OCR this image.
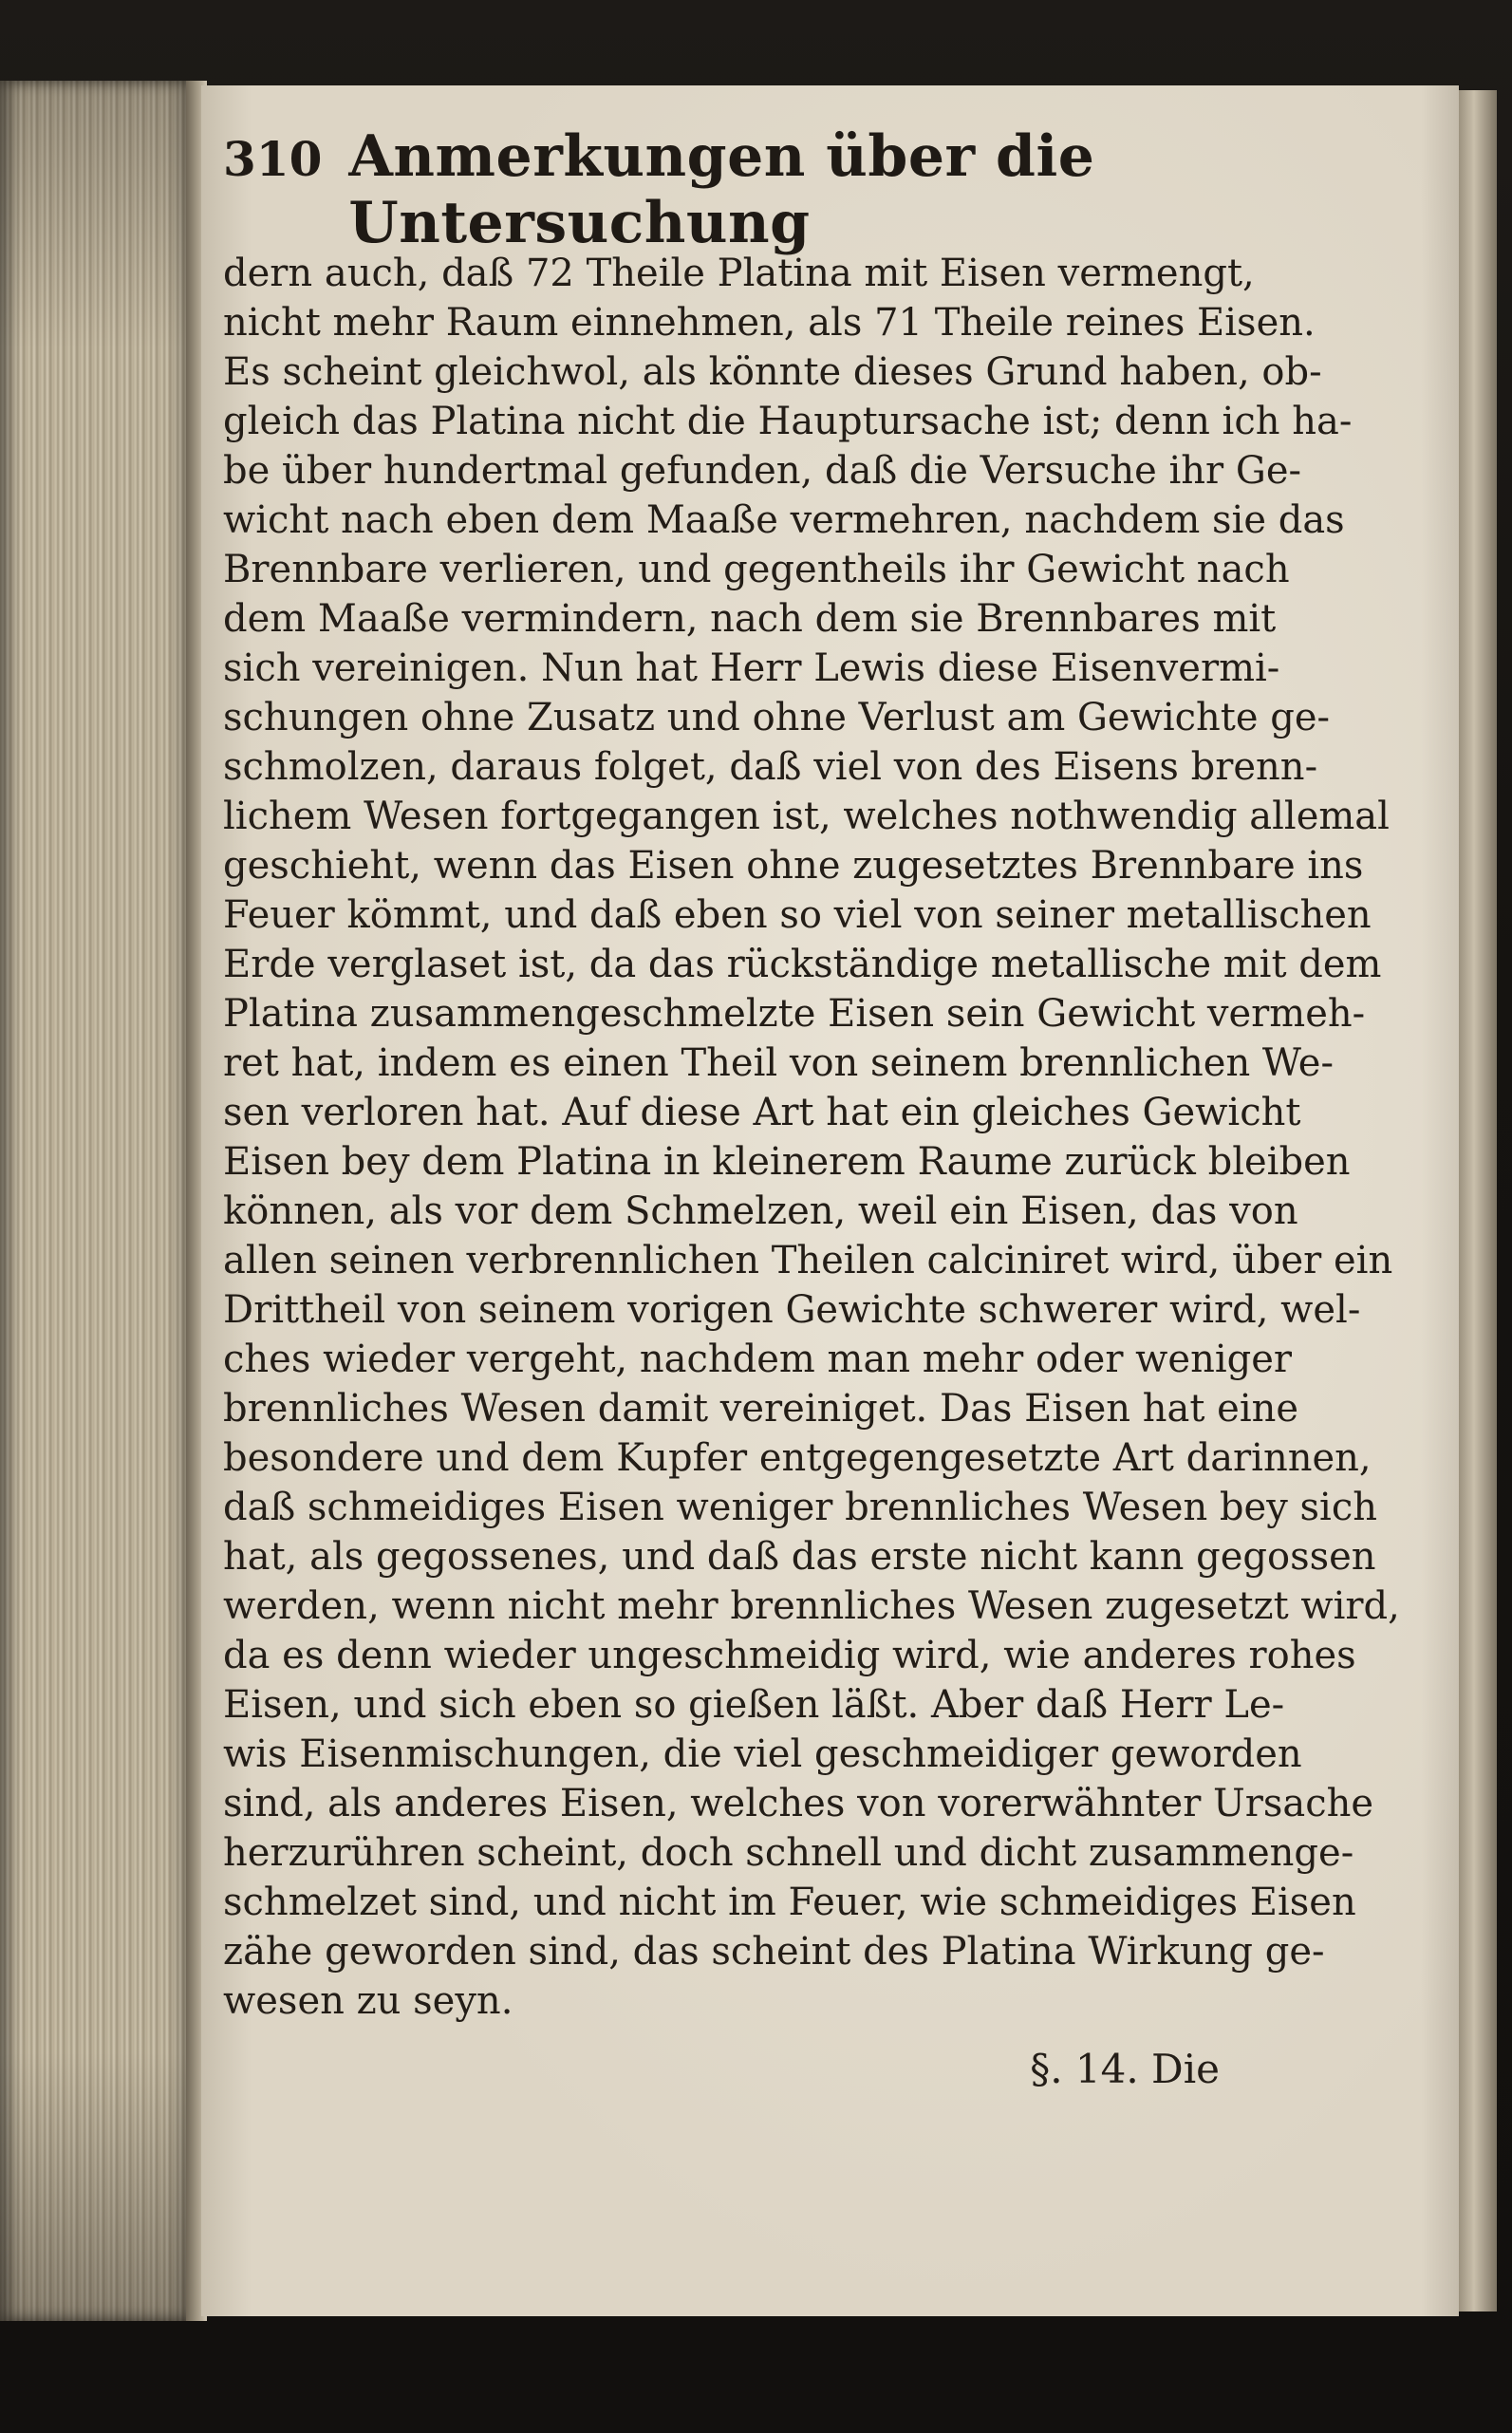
310 Anmerkungen über die Untersuchung
dern auch, daß 72 Theile Platina mit Eisen vermengt,
nicht mehr Raum einnehmen, als 71 Theile reines Eisen.
Es scheint gleichwol, als könnte dieses Grund haben, ob-
gleich das Platina nicht die Hauptursache ist; denn ich ha-
be über hundertmal gefunden, daß die Versuche ihr Ge-
wicht nach eben dem Maaße vermehren, nachdem sie das
Brennbare verlieren, und gegentheils ihr Gewicht nach
dem Maaße vermindern, nach dem sie Brennbares mit
sich vereinigen. Nun hat Herr Lewis diese Eisenvermi-
schungen ohne Zusatz und ohne Verlust am Gewichte ge-
schmolzen, daraus folget, daß viel von des Eisens brenn-
lichem Wesen fortgegangen ist, welches nothwendig allemal
geschieht, wenn das Eisen ohne zugesetztes Brennbare ins
Feuer kömmt, und daß eben so viel von seiner metallischen
Erde verglaset ist, da das rückständige metallische mit dem
Platina zusammengeschmelzte Eisen sein Gewicht vermeh-
ret hat, indem es einen Theil von seinem brennlichen We-
sen verloren hat. Auf diese Art hat ein gleiches Gewicht
Eisen bey dem Platina in kleinerem Raume zurück bleiben
können, als vor dem Schmelzen, weil ein Eisen, das von
allen seinen verbrennlichen Theilen calciniret wird, über ein
Drittheil von seinem vorigen Gewichte schwerer wird, wel-
ches wieder vergeht, nachdem man mehr oder weniger
brennliches Wesen damit vereiniget. Das Eisen hat eine
besondere und dem Kupfer entgegengesetzte Art darinnen,
daß schmeidiges Eisen weniger brennliches Wesen bey sich
hat, als gegossenes, und daß das erste nicht kann gegossen
werden, wenn nicht mehr brennliches Wesen zugesetzt wird,
da es denn wieder ungeschmeidig wird, wie anderes rohes
Eisen, und sich eben so gießen läßt. Aber daß Herr Le-
wis Eisenmischungen, die viel geschmeidiger geworden
sind, als anderes Eisen, welches von vorerwähnter Ursache
herzurühren scheint, doch schnell und dicht zusammenge-
schmelzet sind, und nicht im Feuer, wie schmeidiges Eisen
zähe geworden sind, das scheint des Platina Wirkung ge-
wesen zu seyn.
§. 14. Die
